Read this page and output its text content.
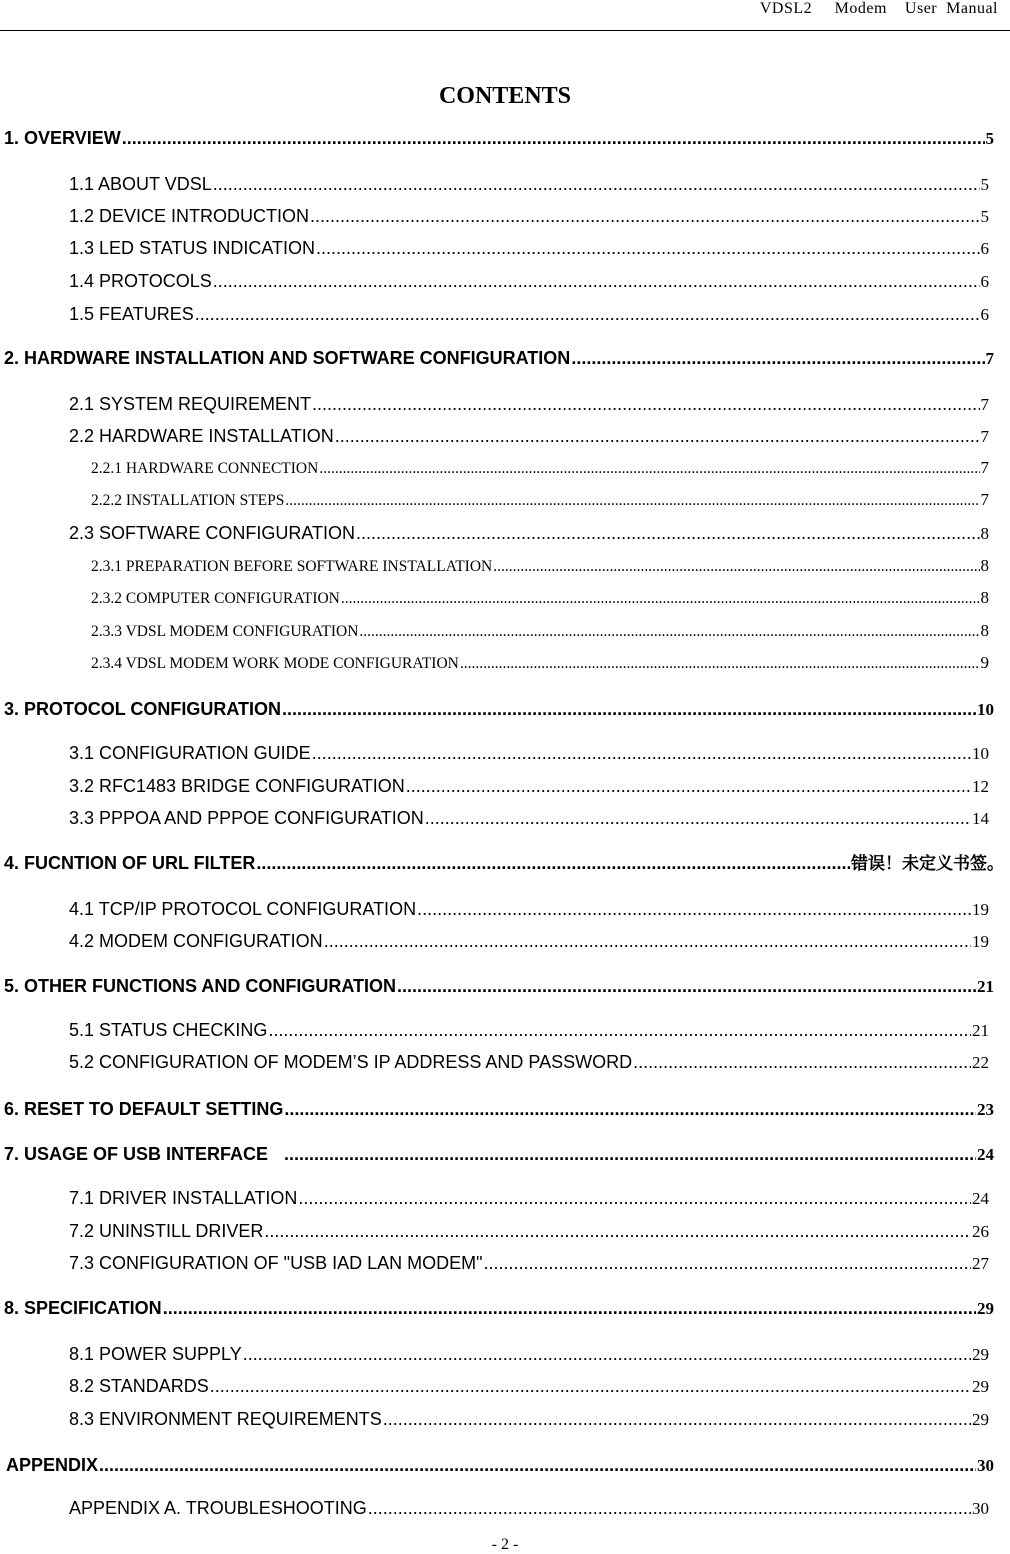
VDSL2     Modem    User  Manual
CONTENTS
1. OVERVIEW .....	5
1.1 ABOUT VDSL .....	5
1.2 DEVICE INTRODUCTION .....	5
1.3 LED STATUS INDICATION .....	6
1.4 PROTOCOLS .....	6
1.5 FEATURES .....	6
2. HARDWARE INSTALLATION AND SOFTWARE CONFIGURATION .....	7
2.1 SYSTEM REQUIREMENT .....	7
2.2 HARDWARE INSTALLATION .....	7
2.2.1 HARDWARE CONNECTION .....	7
2.2.2 INSTALLATION STEPS .....	7
2.3 SOFTWARE CONFIGURATION .....	8
2.3.1 PREPARATION BEFORE SOFTWARE INSTALLATION .....	8
2.3.2 COMPUTER CONFIGURATION .....	8
2.3.3 VDSL MODEM CONFIGURATION .....	8
2.3.4 VDSL MODEM WORK MODE CONFIGURATION .....	9
3. PROTOCOL CONFIGURATION .....	10
3.1 CONFIGURATION GUIDE .....	10
3.2 RFC1483 BRIDGE CONFIGURATION .....	12
3.3 PPPOA AND PPPOE CONFIGURATION .....	14
4. FUCNTION OF URL FILTER .....	错误！未定义书签。
4.1 TCP/IP PROTOCOL CONFIGURATION .....	19
4.2 MODEM CONFIGURATION .....	19
5. OTHER FUNCTIONS AND CONFIGURATION .....	21
5.1 STATUS CHECKING .....	21
5.2 CONFIGURATION OF MODEM’S IP ADDRESS AND PASSWORD .....	22
6. RESET TO DEFAULT SETTING .....	23
7. USAGE OF USB INTERFACE .....	24
7.1 DRIVER INSTALLATION .....	24
7.2 UNINSTILL DRIVER .....	26
7.3 CONFIGURATION OF "USB IAD LAN MODEM" .....	27
8. SPECIFICATION .....	29
8.1 POWER SUPPLY .....	29
8.2 STANDARDS .....	29
8.3 ENVIRONMENT REQUIREMENTS .....	29
APPENDIX .....	30
APPENDIX A. TROUBLESHOOTING .....	30
- 2 -
